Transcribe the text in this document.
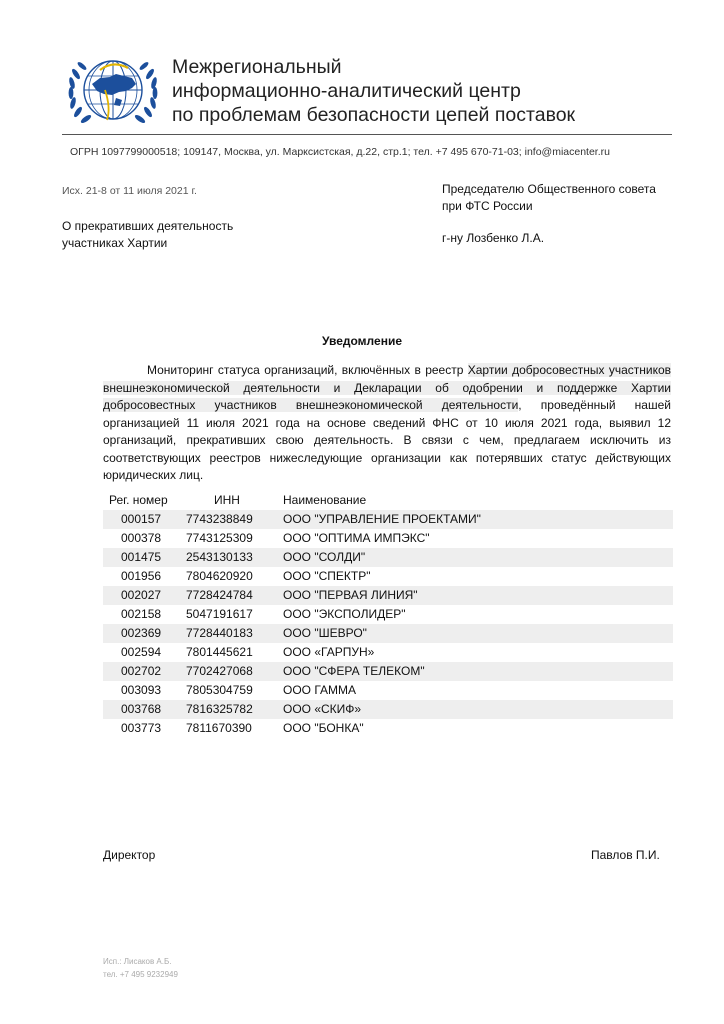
Межрегиональный
информационно-аналитический центр
по проблемам безопасности цепей поставок
ОГРН 1097799000518; 109147, Москва, ул. Марксистская, д.22, стр.1; тел. +7 495 670-71-03; info@miacenter.ru
Исх. 21-8 от 11 июля 2021 г.	Председателю Общественного совета
при ФТС России
О прекративших деятельность
участниках Хартии	г-ну Лозбенко Л.А.
Уведомление

Мониторинг статуса организаций, включённых в реестр Хартии добросовестных участников внешнеэкономической деятельности и Декларации об одобрении и поддержке Хартии добросовестных участников внешнеэкономической деятельности, проведённый нашей организацией 11 июля 2021 года на основе сведений ФНС от 10 июля 2021 года, выявил 12 организаций, прекративших свою деятельность. В связи с чем, предлагаем исключить из соответствующих реестров нижеследующие организации как потерявших статус действующих юридических лиц.

Рег. номер	ИНН	Наименование
000157	7743238849	ООО "УПРАВЛЕНИЕ ПРОЕКТАМИ"
000378	7743125309	ООО "ОПТИМА ИМПЭКС"
001475	2543130133	ООО "СОЛДИ"
001956	7804620920	ООО "СПЕКТР"
002027	7728424784	ООО "ПЕРВАЯ ЛИНИЯ"
002158	5047191617	ООО "ЭКСПОЛИДЕР"
002369	7728440183	ООО "ШЕВРО"
002594	7801445621	ООО «ГАРПУН»
002702	7702427068	ООО "СФЕРА ТЕЛЕКОМ"
003093	7805304759	ООО ГАММА
003768	7816325782	ООО «СКИФ»
003773	7811670390	ООО "БОНКА"
Директор	Павлов П.И.
Исп.: Лисаков А.Б.
тел. +7 495 9232949
